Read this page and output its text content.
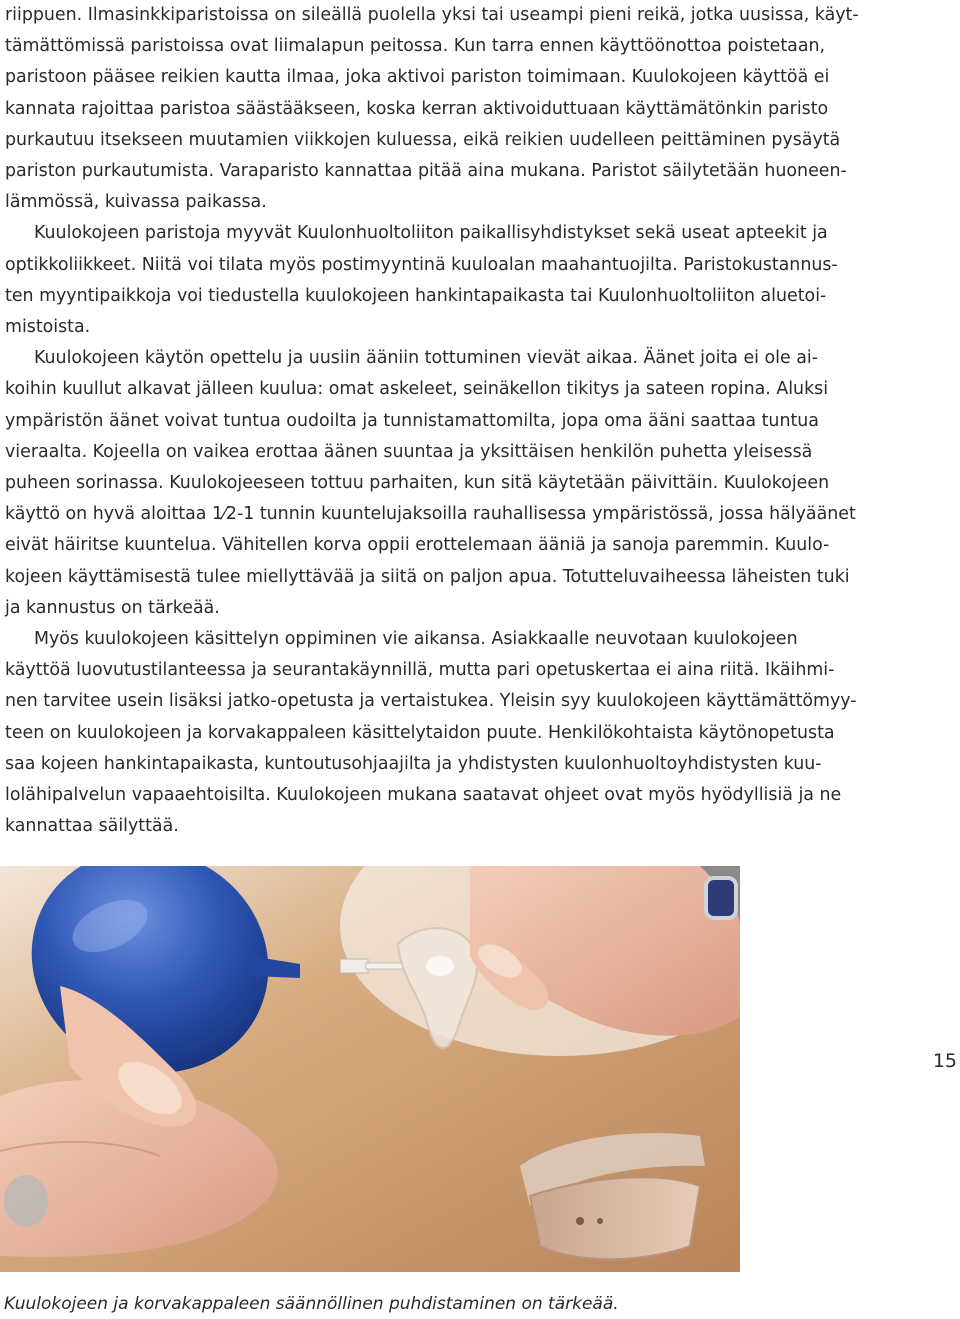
riippuen. Ilmasinkkiparistoissa on sileällä puolella yksi tai useampi pieni reikä, jotka uusissa, käyt-
tämättömissä paristoissa ovat liimalapun peitossa. Kun tarra ennen käyttöönottoa poistetaan,
paristoon pääsee reikien kautta ilmaa, joka aktivoi pariston toimimaan. Kuulokojeen käyttöä ei
kannata rajoittaa paristoa säästääkseen, koska kerran aktivoiduttuaan käyttämätönkin paristo
purkautuu itsekseen muutamien viikkojen kuluessa, eikä reikien uudelleen peittäminen pysäytä
pariston purkautumista. Varaparisto kannattaa pitää aina mukana. Paristot säilytetään huoneen-
lämmössä, kuivassa paikassa.
Kuulokojeen paristoja myyvät Kuulonhuoltoliiton paikallisyhdistykset sekä useat apteekit ja
optikkoliikkeet. Niitä voi tilata myös postimyyntinä kuuloalan maahantuojilta. Paristokustannus-
ten myyntipaikkoja voi tiedustella kuulokojeen hankintapaikasta tai Kuulonhuoltoliiton aluetoi-
mistoista.
Kuulokojeen käytön opettelu ja uusiin ääniin tottuminen vievät aikaa. Äänet joita ei ole ai-
koihin kuullut alkavat jälleen kuulua: omat askeleet, seinäkellon tikitys ja sateen ropina. Aluksi
ympäristön äänet voivat tuntua oudoilta ja tunnistamattomilta, jopa oma ääni saattaa tuntua
vieraalta. Kojeella on vaikea erottaa äänen suuntaa ja yksittäisen henkilön puhetta yleisessä
puheen sorinassa. Kuulokojeeseen tottuu parhaiten, kun sitä käytetään päivittäin. Kuulokojeen
käyttö on hyvä aloittaa 1⁄2-1 tunnin kuuntelujaksoilla rauhallisessa ympäristössä, jossa hälyäänet
eivät häiritse kuuntelua. Vähitellen korva oppii erottelemaan ääniä ja sanoja paremmin. Kuulo-
kojeen käyttämisestä tulee miellyttävää ja siitä on paljon apua. Totutteluvaiheessa läheisten tuki
ja kannustus on tärkeää.
Myös kuulokojeen käsittelyn oppiminen vie aikansa. Asiakkaalle neuvotaan kuulokojeen
käyttöä luovutustilanteessa ja seurantakäynnillä, mutta pari opetuskertaa ei aina riitä. Ikäihmi-
nen tarvitee usein lisäksi jatko-opetusta ja vertaistukea. Yleisin syy kuulokojeen käyttämättömyy-
teen on kuulokojeen ja korvakappaleen käsittelytaidon puute. Henkilökohtaista käytönopetusta
saa kojeen hankintapaikasta, kuntoutusohjaajilta ja yhdistysten kuulonhuoltoyhdistysten kuu-
lolähipalvelun vapaaehtoisilta. Kuulokojeen mukana saatavat ohjeet ovat myös hyödyllisiä ja ne
kannattaa säilyttää.
15
Kuulokojeen ja korvakappaleen säännöllinen puhdistaminen on tärkeää.
